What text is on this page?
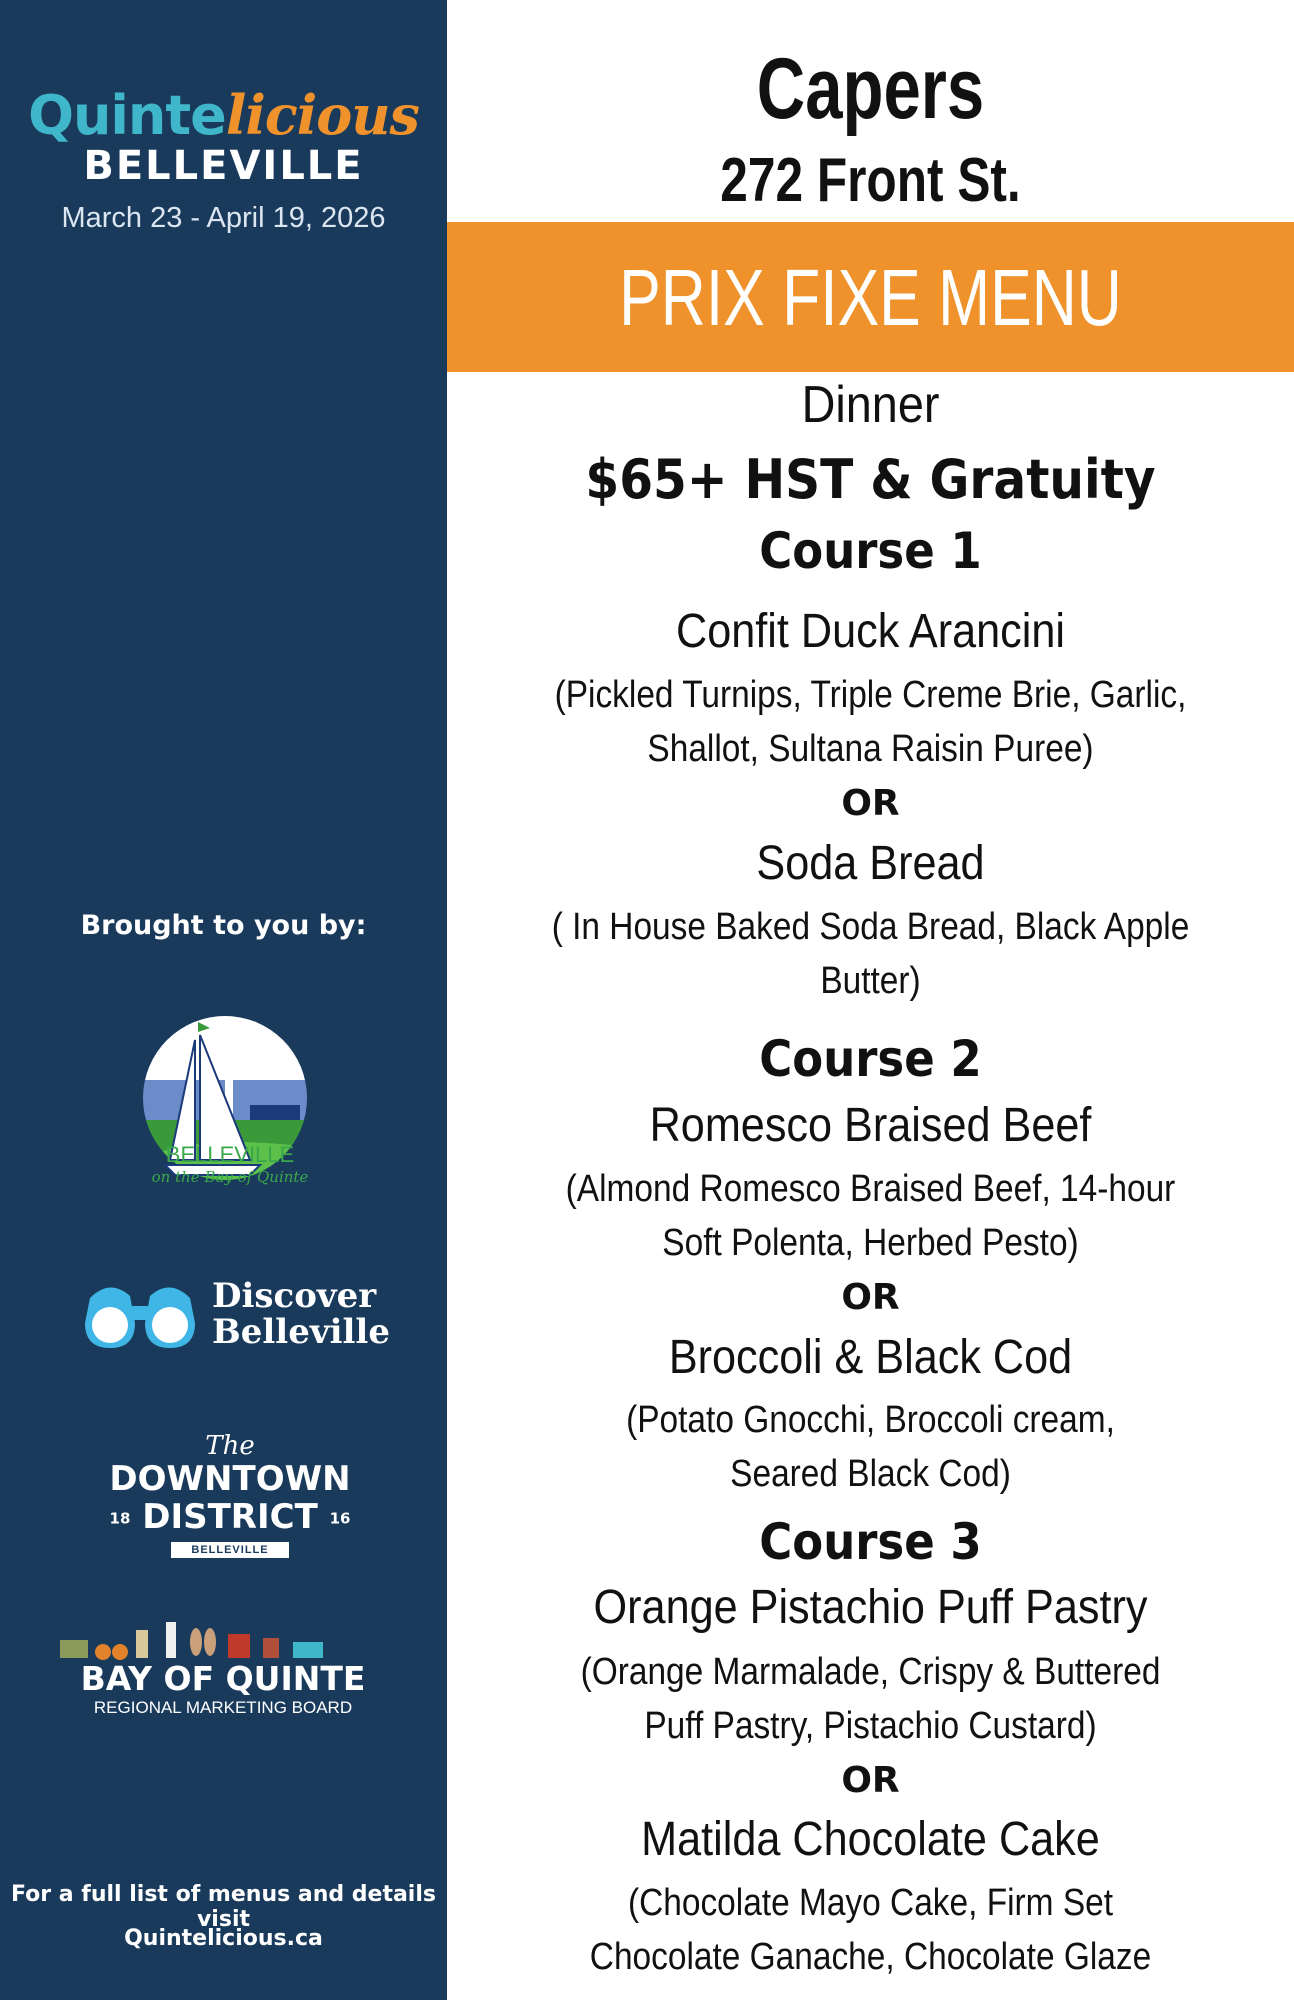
Quintelicious
BELLEVILLE
March 23 - April 19, 2026
Brought to you by:
BELLEVILLE
on the Bay of Quinte
Discover
Belleville
The
DOWNTOWN
18 DISTRICT 16
BELLEVILLE
BAY OF QUINTE
REGIONAL MARKETING BOARD
For a full list of menus and details visit
Quintelicious.ca
Capers
272 Front St.
PRIX FIXE MENU
Dinner
$65+ HST & Gratuity
Course 1
Confit Duck Arancini
(Pickled Turnips, Triple Creme Brie, Garlic,
Shallot, Sultana Raisin Puree)
OR
Soda Bread
( In House Baked Soda Bread, Black Apple
Butter)
Course 2
Romesco Braised Beef
(Almond Romesco Braised Beef, 14-hour
Soft Polenta, Herbed Pesto)
OR
Broccoli & Black Cod
(Potato Gnocchi, Broccoli cream,
Seared Black Cod)
Course 3
Orange Pistachio Puff Pastry
(Orange Marmalade, Crispy & Buttered
Puff Pastry, Pistachio Custard)
OR
Matilda Chocolate Cake
(Chocolate Mayo Cake, Firm Set
Chocolate Ganache, Chocolate Glaze
